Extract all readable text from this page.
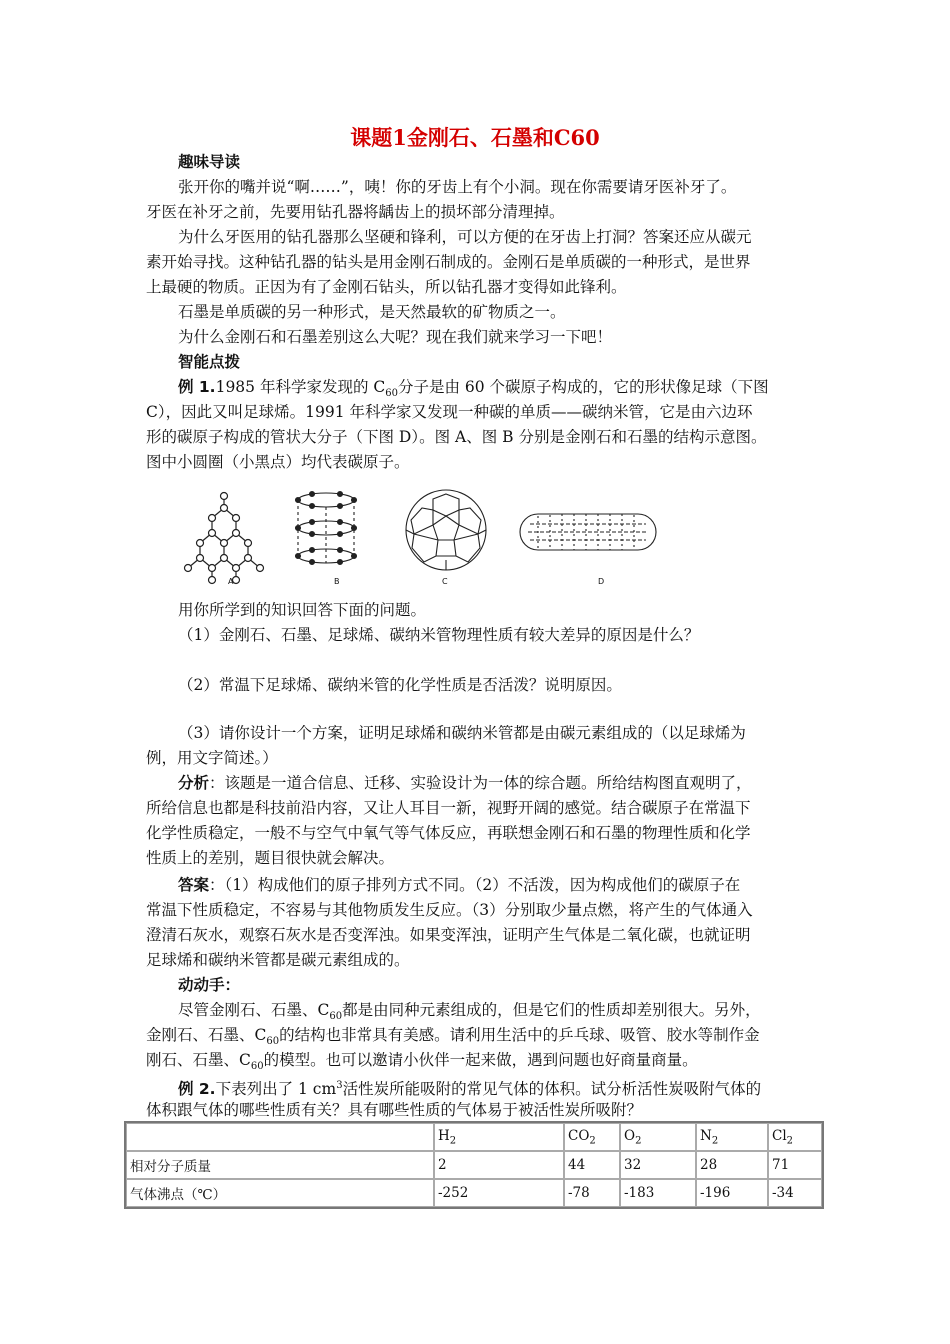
课题1金刚石、石墨和C60
趣味导读
张开你的嘴并说“啊……”，咦！你的牙齿上有个小洞。现在你需要请牙医补牙了。
牙医在补牙之前，先要用钻孔器将龋齿上的损坏部分清理掉。
为什么牙医用的钻孔器那么坚硬和锋利，可以方便的在牙齿上打洞？答案还应从碳元
素开始寻找。这种钻孔器的钻头是用金刚石制成的。金刚石是单质碳的一种形式，是世界
上最硬的物质。正因为有了金刚石钻头，所以钻孔器才变得如此锋利。
石墨是单质碳的另一种形式，是天然最软的矿物质之一。
为什么金刚石和石墨差别这么大呢？现在我们就来学习一下吧！
智能点拨
例 1.1985 年科学家发现的 $C_{60}$分子是由 60 个碳原子构成的，它的形状像足球（下图
C），因此又叫足球烯。1991 年科学家又发现一种碳的单质——碳纳米管，它是由六边环
形的碳原子构成的管状大分子（下图 D）。图 A、图 B 分别是金刚石和石墨的结构示意图。
图中小圆圈（小黑点）均代表碳原子。
A	B	C	D
用你所学到的知识回答下面的问题。
（1）金刚石、石墨、足球烯、碳纳米管物理性质有较大差异的原因是什么？
（2）常温下足球烯、碳纳米管的化学性质是否活泼？说明原因。
（3）请你设计一个方案，证明足球烯和碳纳米管都是由碳元素组成的（以足球烯为
例，用文字简述。）
分析：该题是一道合信息、迁移、实验设计为一体的综合题。所给结构图直观明了，
所给信息也都是科技前沿内容，又让人耳目一新，视野开阔的感觉。结合碳原子在常温下
化学性质稳定，一般不与空气中氧气等气体反应，再联想金刚石和石墨的物理性质和化学
性质上的差别，题目很快就会解决。
答案：（1）构成他们的原子排列方式不同。（2）不活泼，因为构成他们的碳原子在
常温下性质稳定，不容易与其他物质发生反应。（3）分别取少量点燃，将产生的气体通入
澄清石灰水，观察石灰水是否变浑浊。如果变浑浊，证明产生气体是二氧化碳，也就证明
足球烯和碳纳米管都是碳元素组成的。
动动手：
尽管金刚石、石墨、$C_{60}$都是由同种元素组成的，但是它们的性质却差别很大。另外，
金刚石、石墨、$C_{60}$的结构也非常具有美感。请利用生活中的乒乓球、吸管、胶水等制作金
刚石、石墨、$C_{60}$的模型。也可以邀请小伙伴一起来做，遇到问题也好商量商量。
例 2.下表列出了 1 $cm^3$活性炭所能吸附的常见气体的体积。试分析活性炭吸附气体的
体积跟气体的哪些性质有关？具有哪些性质的气体易于被活性炭所吸附？
	$H_2$	$CO_2$	$O_2$	$N_2$	$Cl_2$
相对分子质量	2	44	32	28	71
气体沸点（℃）	-252	-78	-183	-196	-34
